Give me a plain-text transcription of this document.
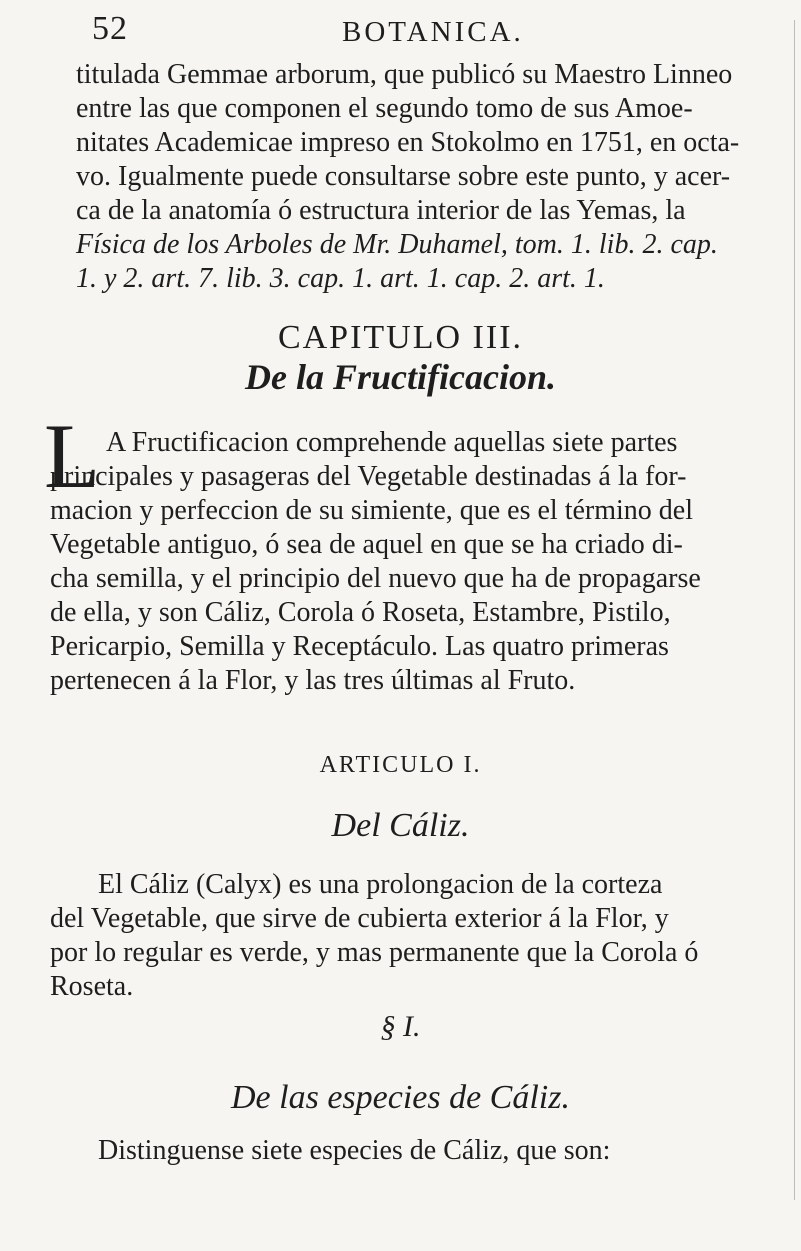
52	BOTANICA.
titulada Gemmae arborum, que publicó su Maestro Linneo
entre las que componen el segundo tomo de sus Amoe-
nitates Academicae impreso en Stokolmo en 1751, en octa-
vo. Igualmente puede consultarse sobre este punto, y acer-
ca de la anatomía ó estructura interior de las Yemas, la
Física de los Arboles de Mr. Duhamel, tom. 1. lib. 2. cap.
1. y 2. art. 7. lib. 3. cap. 1. art. 1. cap. 2. art. 1.
CAPITULO III.
De la Fructificacion.
L A Fructificacion comprehende aquellas siete partes
principales y pasageras del Vegetable destinadas á la for-
macion y perfeccion de su simiente, que es el término del
Vegetable antiguo, ó sea de aquel en que se ha criado di-
cha semilla, y el principio del nuevo que ha de propagarse
de ella, y son Cáliz, Corola ó Roseta, Estambre, Pistilo,
Pericarpio, Semilla y Receptáculo. Las quatro primeras
pertenecen á la Flor, y las tres últimas al Fruto.
ARTICULO I.
Del Cáliz.
El Cáliz (Calyx) es una prolongacion de la corteza
del Vegetable, que sirve de cubierta exterior á la Flor, y
por lo regular es verde, y mas permanente que la Corola ó
Roseta.
§ I.
De las especies de Cáliz.
Distinguense siete especies de Cáliz, que son:
